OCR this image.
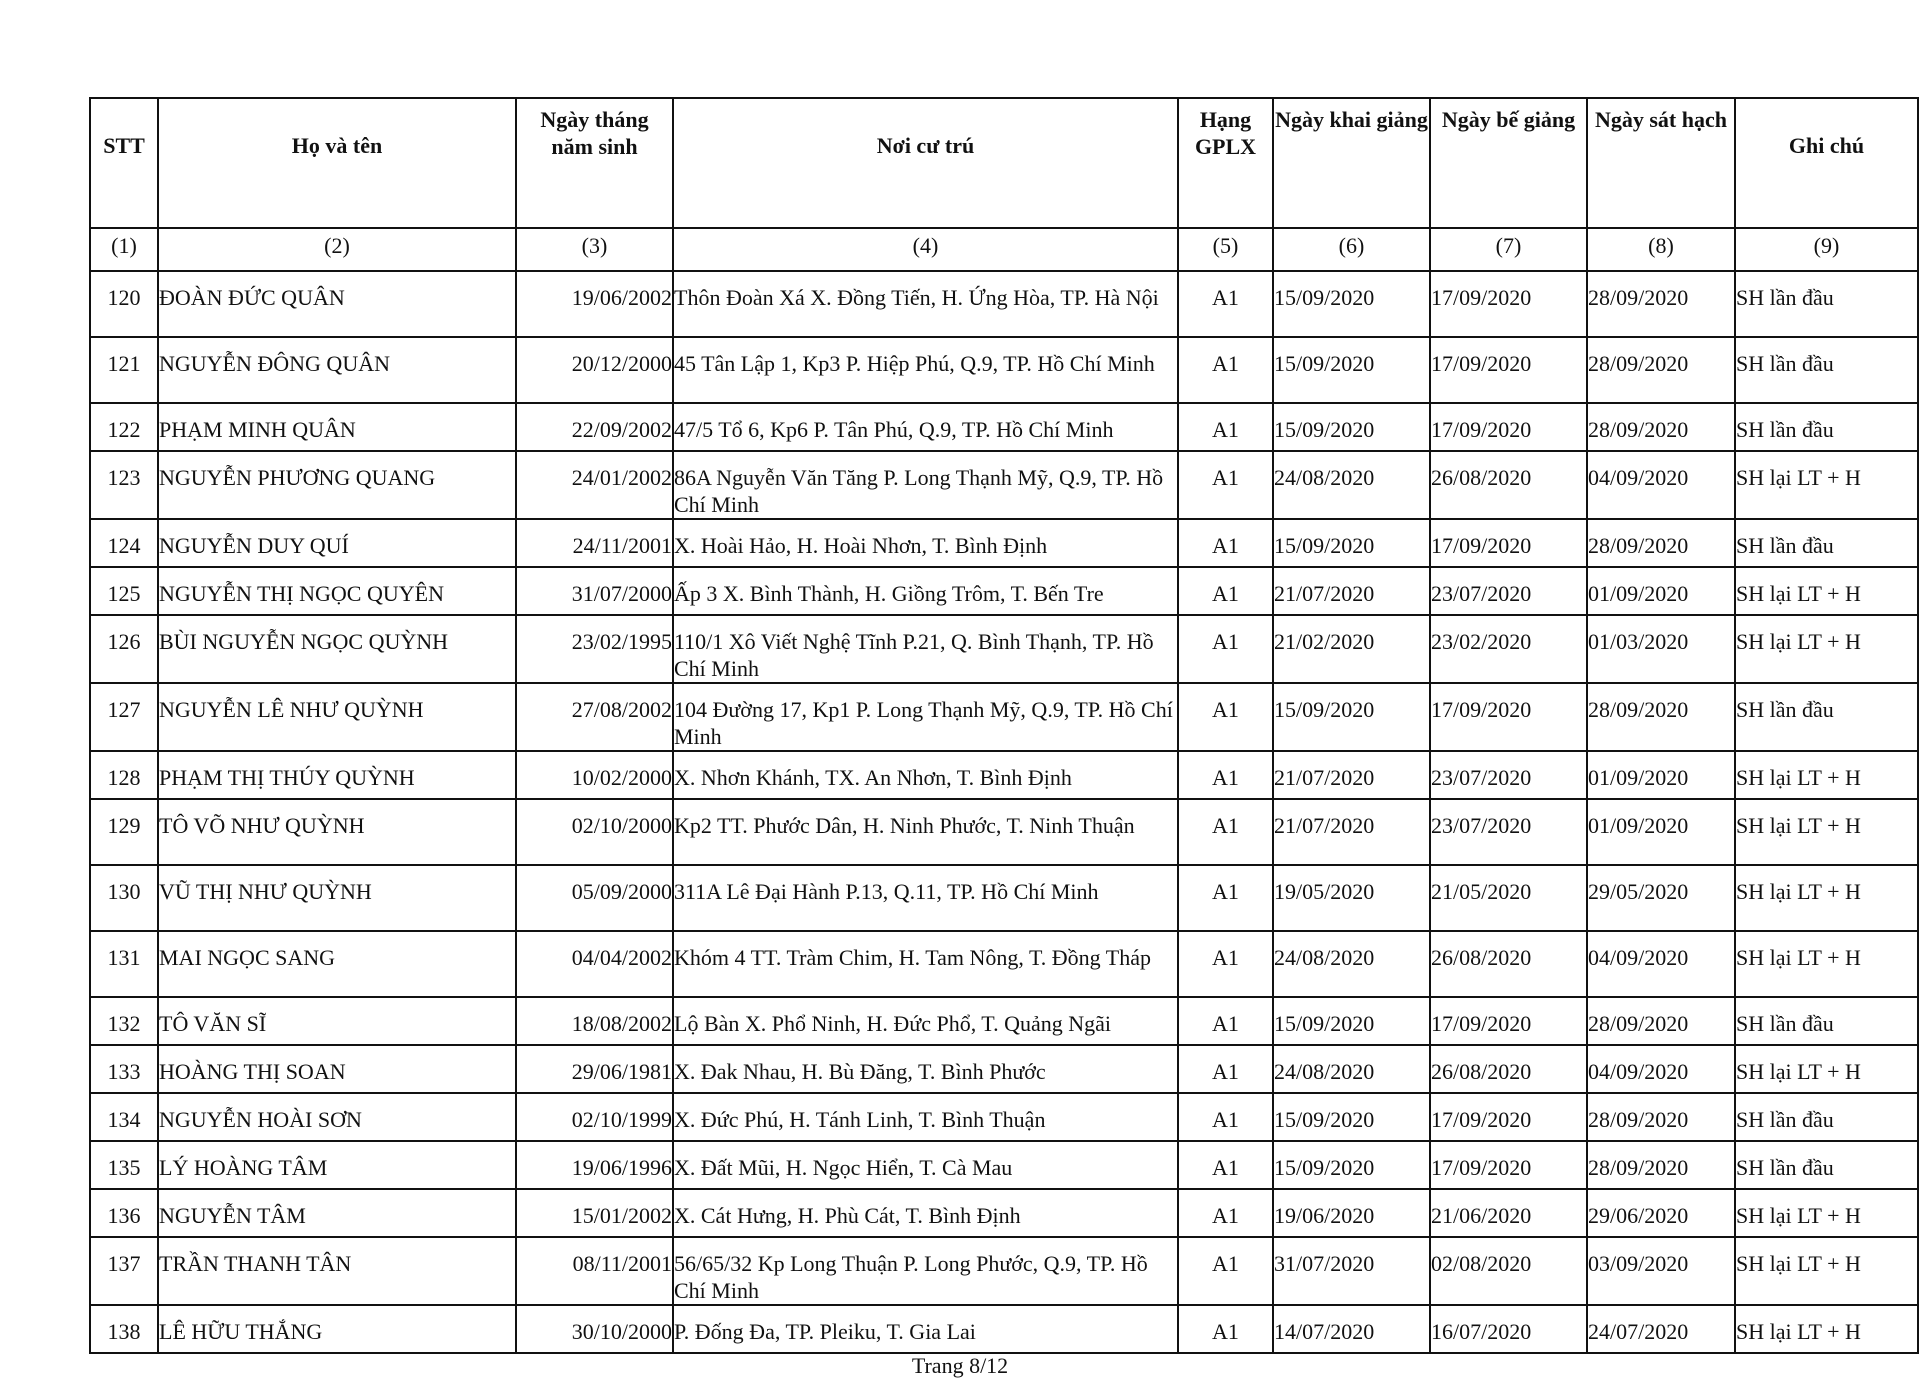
STT	Họ và tên	Ngày tháng năm sinh	Nơi cư trú	Hạng GPLX	Ngày khai giảng	Ngày bế giảng	Ngày sát hạch	Ghi chú
(1)	(2)	(3)	(4)	(5)	(6)	(7)	(8)	(9)
120	ĐOÀN ĐỨC QUÂN	19/06/2002	Thôn Đoàn Xá X. Đồng Tiến, H. Ứng Hòa, TP. Hà Nội	A1	15/09/2020	17/09/2020	28/09/2020	SH lần đầu
121	NGUYỄN ĐÔNG QUÂN	20/12/2000	45 Tân Lập 1, Kp3 P. Hiệp Phú, Q.9, TP. Hồ Chí Minh	A1	15/09/2020	17/09/2020	28/09/2020	SH lần đầu
122	PHẠM MINH QUÂN	22/09/2002	47/5 Tổ 6, Kp6 P. Tân Phú, Q.9, TP. Hồ Chí Minh	A1	15/09/2020	17/09/2020	28/09/2020	SH lần đầu
123	NGUYỄN PHƯƠNG QUANG	24/01/2002	86A Nguyễn Văn Tăng P. Long Thạnh Mỹ, Q.9, TP. Hồ Chí Minh	A1	24/08/2020	26/08/2020	04/09/2020	SH lại LT + H
124	NGUYỄN DUY QUÍ	24/11/2001	X. Hoài Hảo, H. Hoài Nhơn, T. Bình Định	A1	15/09/2020	17/09/2020	28/09/2020	SH lần đầu
125	NGUYỄN THỊ NGỌC QUYÊN	31/07/2000	Ấp 3 X. Bình Thành, H. Giồng Trôm, T. Bến Tre	A1	21/07/2020	23/07/2020	01/09/2020	SH lại LT + H
126	BÙI NGUYỄN NGỌC QUỲNH	23/02/1995	110/1 Xô Viết Nghệ Tĩnh P.21, Q. Bình Thạnh, TP. Hồ Chí Minh	A1	21/02/2020	23/02/2020	01/03/2020	SH lại LT + H
127	NGUYỄN LÊ NHƯ QUỲNH	27/08/2002	104 Đường 17, Kp1 P. Long Thạnh Mỹ, Q.9, TP. Hồ Chí Minh	A1	15/09/2020	17/09/2020	28/09/2020	SH lần đầu
128	PHẠM THỊ THÚY QUỲNH	10/02/2000	X. Nhơn Khánh, TX. An Nhơn, T. Bình Định	A1	21/07/2020	23/07/2020	01/09/2020	SH lại LT + H
129	TÔ VÕ NHƯ QUỲNH	02/10/2000	Kp2 TT. Phước Dân, H. Ninh Phước, T. Ninh Thuận	A1	21/07/2020	23/07/2020	01/09/2020	SH lại LT + H
130	VŨ THỊ NHƯ QUỲNH	05/09/2000	311A Lê Đại Hành P.13, Q.11, TP. Hồ Chí Minh	A1	19/05/2020	21/05/2020	29/05/2020	SH lại LT + H
131	MAI NGỌC SANG	04/04/2002	Khóm 4 TT. Tràm Chim, H. Tam Nông, T. Đồng Tháp	A1	24/08/2020	26/08/2020	04/09/2020	SH lại LT + H
132	TÔ VĂN SĨ	18/08/2002	Lộ Bàn X. Phổ Ninh, H. Đức Phổ, T. Quảng Ngãi	A1	15/09/2020	17/09/2020	28/09/2020	SH lần đầu
133	HOÀNG THỊ SOAN	29/06/1981	X. Đak Nhau, H. Bù Đăng, T. Bình Phước	A1	24/08/2020	26/08/2020	04/09/2020	SH lại LT + H
134	NGUYỄN HOÀI SƠN	02/10/1999	X. Đức Phú, H. Tánh Linh, T. Bình Thuận	A1	15/09/2020	17/09/2020	28/09/2020	SH lần đầu
135	LÝ HOÀNG TÂM	19/06/1996	X. Đất Mũi, H. Ngọc Hiển, T. Cà Mau	A1	15/09/2020	17/09/2020	28/09/2020	SH lần đầu
136	NGUYỄN TÂM	15/01/2002	X. Cát Hưng, H. Phù Cát, T. Bình Định	A1	19/06/2020	21/06/2020	29/06/2020	SH lại LT + H
137	TRẦN THANH TÂN	08/11/2001	56/65/32 Kp Long Thuận P. Long Phước, Q.9, TP. Hồ Chí Minh	A1	31/07/2020	02/08/2020	03/09/2020	SH lại LT + H
138	LÊ HỮU THẮNG	30/10/2000	P. Đống Đa, TP. Pleiku, T. Gia Lai	A1	14/07/2020	16/07/2020	24/07/2020	SH lại LT + H
Trang 8/12
